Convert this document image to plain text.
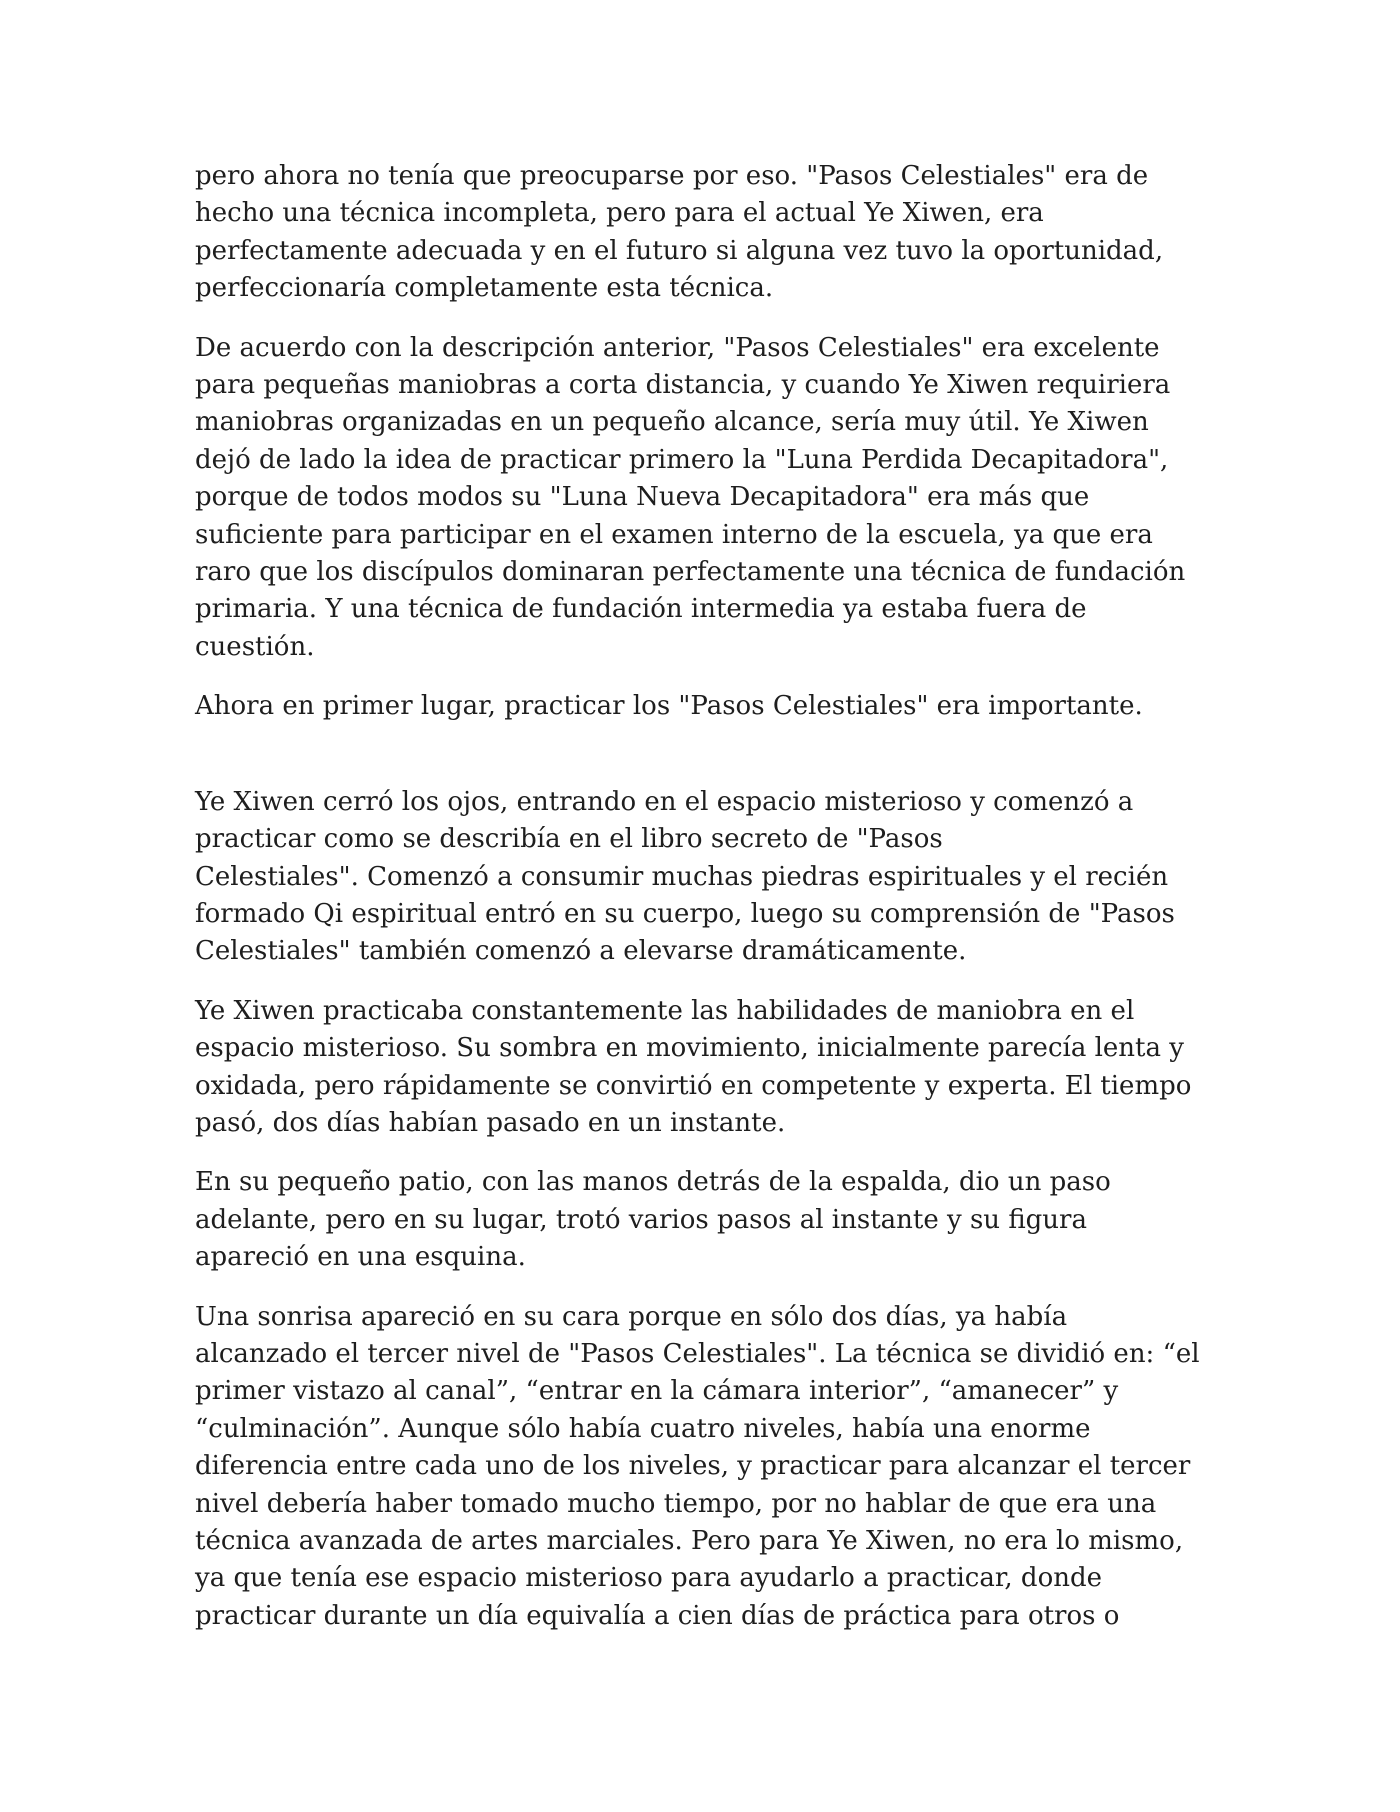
pero ahora no tenía que preocuparse por eso. "Pasos Celestiales" era de
hecho una técnica incompleta, pero para el actual Ye Xiwen, era
perfectamente adecuada y en el futuro si alguna vez tuvo la oportunidad,
perfeccionaría completamente esta técnica.

De acuerdo con la descripción anterior, "Pasos Celestiales" era excelente
para pequeñas maniobras a corta distancia, y cuando Ye Xiwen requiriera
maniobras organizadas en un pequeño alcance, sería muy útil. Ye Xiwen
dejó de lado la idea de practicar primero la "Luna Perdida Decapitadora",
porque de todos modos su "Luna Nueva Decapitadora" era más que
suficiente para participar en el examen interno de la escuela, ya que era
raro que los discípulos dominaran perfectamente una técnica de fundación
primaria. Y una técnica de fundación intermedia ya estaba fuera de
cuestión.

Ahora en primer lugar, practicar los "Pasos Celestiales" era importante.

Ye Xiwen cerró los ojos, entrando en el espacio misterioso y comenzó a
practicar como se describía en el libro secreto de "Pasos
Celestiales". Comenzó a consumir muchas piedras espirituales y el recién
formado Qi espiritual entró en su cuerpo, luego su comprensión de "Pasos
Celestiales" también comenzó a elevarse dramáticamente.

Ye Xiwen practicaba constantemente las habilidades de maniobra en el
espacio misterioso. Su sombra en movimiento, inicialmente parecía lenta y
oxidada, pero rápidamente se convirtió en competente y experta. El tiempo
pasó, dos días habían pasado en un instante.

En su pequeño patio, con las manos detrás de la espalda, dio un paso
adelante, pero en su lugar, trotó varios pasos al instante y su figura
apareció en una esquina.

Una sonrisa apareció en su cara porque en sólo dos días, ya había
alcanzado el tercer nivel de "Pasos Celestiales". La técnica se dividió en: “el
primer vistazo al canal”, “entrar en la cámara interior”, “amanecer” y
“culminación”. Aunque sólo había cuatro niveles, había una enorme
diferencia entre cada uno de los niveles, y practicar para alcanzar el tercer
nivel debería haber tomado mucho tiempo, por no hablar de que era una
técnica avanzada de artes marciales. Pero para Ye Xiwen, no era lo mismo,
ya que tenía ese espacio misterioso para ayudarlo a practicar, donde
practicar durante un día equivalía a cien días de práctica para otros o
